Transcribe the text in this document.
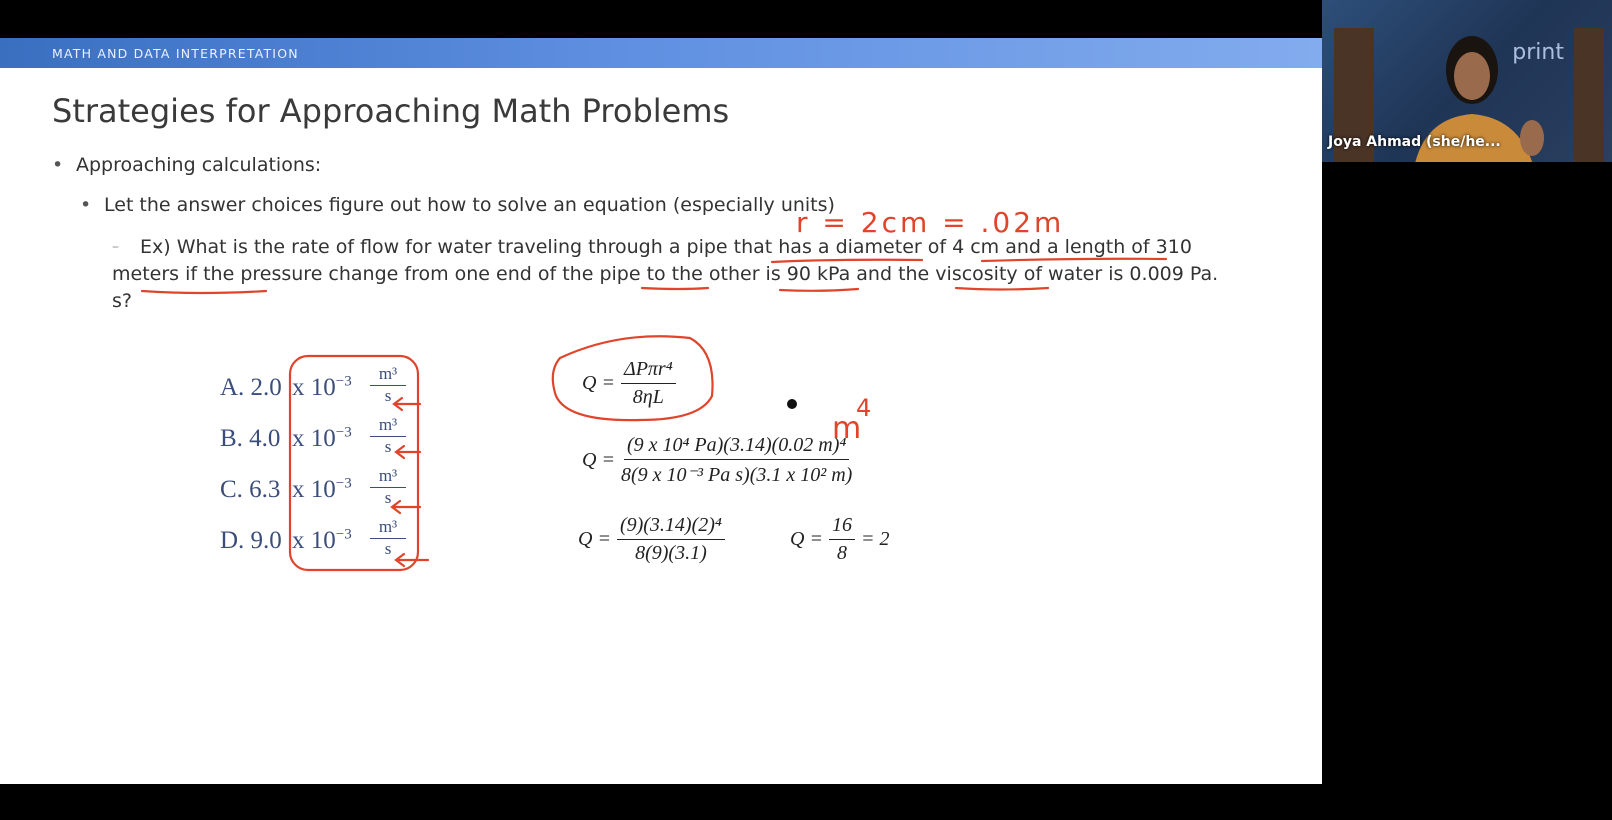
MATH AND DATA INTERPRETATION
Strategies for Approaching Math Problems
• Approaching calculations:
• Let the answer choices figure out how to solve an equation (especially units)
– Ex) What is the rate of flow for water traveling through a pipe that has a diameter of 4 cm and a length of 310 meters if the pressure change from one end of the pipe to the other is 90 kPa and the viscosity of water is 0.009 Pa. s?
A. 2.0 x $10^{-3} \frac{\text{m³}}{s}$
B. 4.0 x $10^{-3} \frac{\text{m³}}{s}$
C. 6.3 x $10^{-3} \frac{\text{m³}}{s}$
D. 9.0 x $10^{-3} \frac{\text{m³}}{s}$
$Q = \frac{\text{ΔPπr⁴}}{8\eta L}$
$Q = \frac{\text{(9 x 10⁴ Pa)(3.14)(0.02 m)⁴}}{\text{8(9 x 10⁻³ Pa s)(3.1 x 10² m)}}$
$Q = \frac{\text{(9)(3.14)(2)⁴}}{8(9)(3.1)}$	$Q = \frac{16}{8} = 2$
r = 2cm = .02m
m
4
print
Joya Ahmad (she/he...
